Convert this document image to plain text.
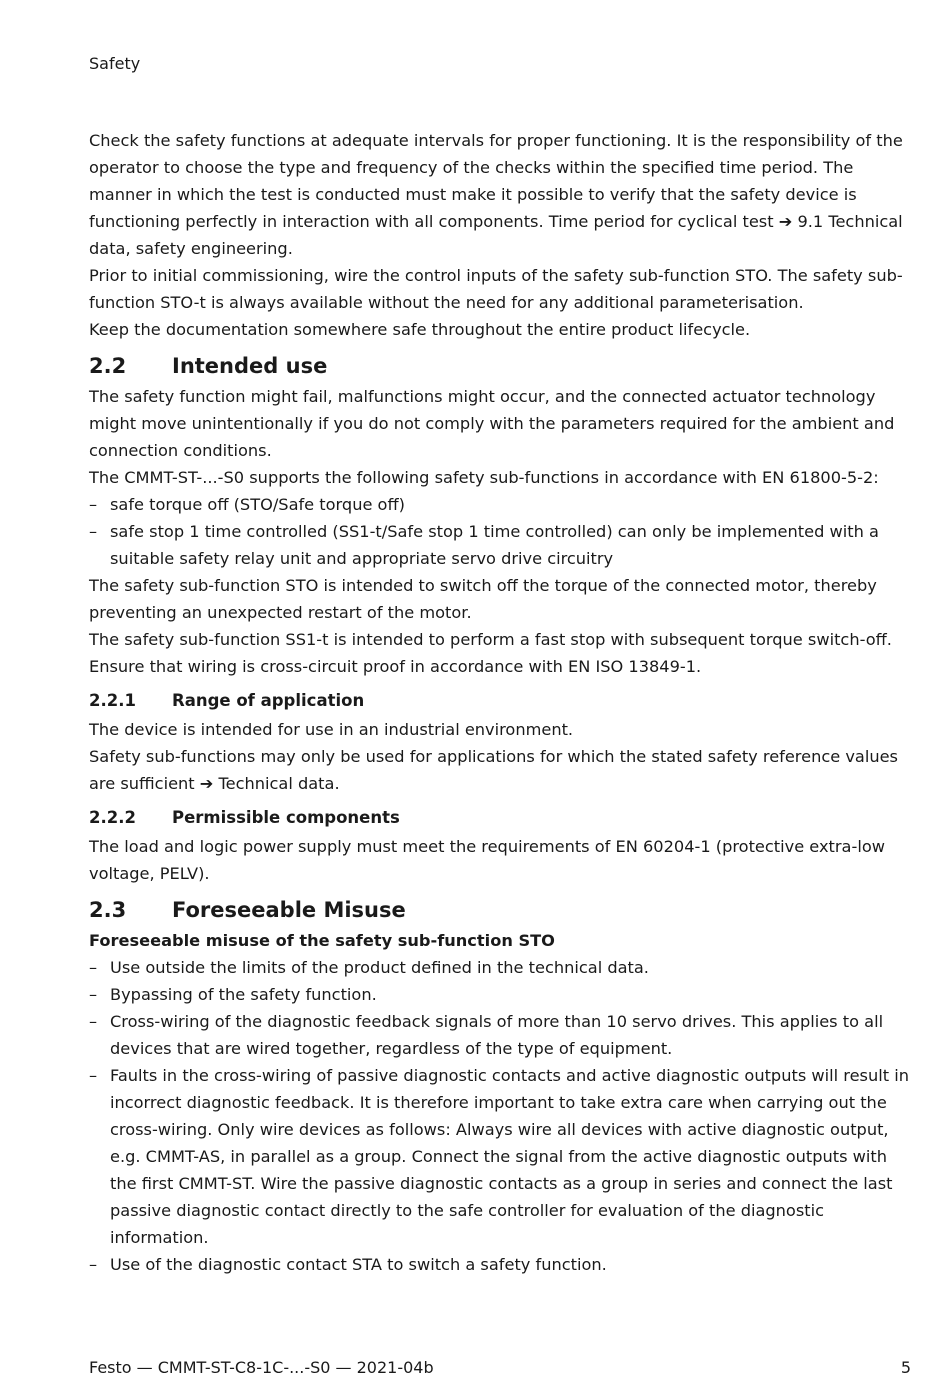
Safety

Check the safety functions at adequate intervals for proper functioning. It is the responsibility of the operator to choose the type and frequency of the checks within the specified time period. The manner in which the test is conducted must make it possible to verify that the safety device is functioning perfectly in interaction with all components. Time period for cyclical test ➔ 9.1 Technical data, safety engineering.

Prior to initial commissioning, wire the control inputs of the safety sub-function STO. The safety sub-function STO-t is always available without the need for any additional parameterisation.

Keep the documentation somewhere safe throughout the entire product lifecycle.

2.2	Intended use

The safety function might fail, malfunctions might occur, and the connected actuator technology might move unintentionally if you do not comply with the parameters required for the ambient and connection conditions.

The CMMT-ST-...-S0 supports the following safety sub-functions in accordance with EN 61800-5-2:

– safe torque off (STO/Safe torque off)
– safe stop 1 time controlled (SS1-t/Safe stop 1 time controlled) can only be implemented with a suitable safety relay unit and appropriate servo drive circuitry

The safety sub-function STO is intended to switch off the torque of the connected motor, thereby preventing an unexpected restart of the motor.

The safety sub-function SS1-t is intended to perform a fast stop with subsequent torque switch-off. Ensure that wiring is cross-circuit proof in accordance with EN ISO 13849-1.

2.2.1	Range of application

The device is intended for use in an industrial environment.

Safety sub-functions may only be used for applications for which the stated safety reference values are sufficient ➔ Technical data.

2.2.2	Permissible components

The load and logic power supply must meet the requirements of EN 60204-1 (protective extra-low voltage, PELV).

2.3	Foreseeable Misuse

Foreseeable misuse of the safety sub-function STO

– Use outside the limits of the product defined in the technical data.
– Bypassing of the safety function.
– Cross-wiring of the diagnostic feedback signals of more than 10 servo drives. This applies to all devices that are wired together, regardless of the type of equipment.
– Faults in the cross-wiring of passive diagnostic contacts and active diagnostic outputs will result in incorrect diagnostic feedback. It is therefore important to take extra care when carrying out the cross-wiring. Only wire devices as follows: Always wire all devices with active diagnostic output, e.g. CMMT-AS, in parallel as a group. Connect the signal from the active diagnostic outputs with the first CMMT-ST. Wire the passive diagnostic contacts as a group in series and connect the last passive diagnostic contact directly to the safe controller for evaluation of the diagnostic information.
– Use of the diagnostic contact STA to switch a safety function.
Festo — CMMT-ST-C8-1C-...-S0 — 2021-04b	5
